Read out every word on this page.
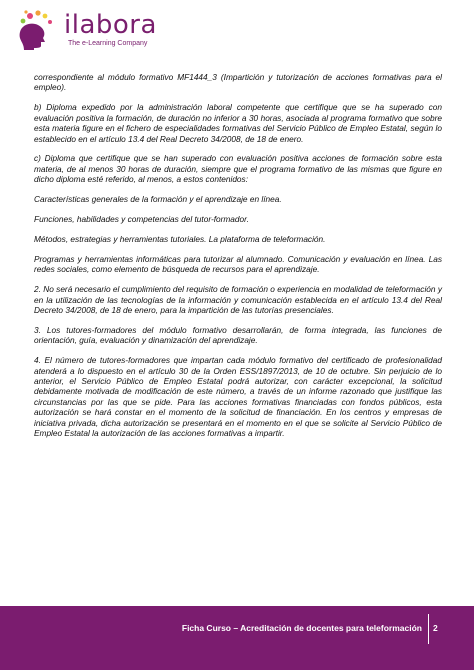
ilabora
The e-Learning Company

correspondiente al módulo formativo MF1444_3 (Impartición y tutorización de acciones formativas para el empleo).

b) Diploma expedido por la administración laboral competente que certifique que se ha superado con evaluación positiva la formación, de duración no inferior a 30 horas, asociada al programa formativo que sobre esta materia figure en el fichero de especialidades formativas del Servicio Público de Empleo Estatal, según lo establecido en el artículo 13.4 del Real Decreto 34/2008, de 18 de enero.

c) Diploma que certifique que se han superado con evaluación positiva acciones de formación sobre esta materia, de al menos 30 horas de duración, siempre que el programa formativo de las mismas que figure en dicho diploma esté referido, al menos, a estos contenidos:

Características generales de la formación y el aprendizaje en línea.

Funciones, habilidades y competencias del tutor-formador.

Métodos, estrategias y herramientas tutoriales. La plataforma de teleformación.

Programas y herramientas informáticas para tutorizar al alumnado. Comunicación y evaluación en línea. Las redes sociales, como elemento de búsqueda de recursos para el aprendizaje.

2. No será necesario el cumplimiento del requisito de formación o experiencia en modalidad de teleformación y en la utilización de las tecnologías de la información y comunicación establecida en el artículo 13.4 del Real Decreto 34/2008, de 18 de enero, para la impartición de las tutorías presenciales.

3. Los tutores-formadores del módulo formativo desarrollarán, de forma integrada, las funciones de orientación, guía, evaluación y dinamización del aprendizaje.

4. El número de tutores-formadores que impartan cada módulo formativo del certificado de profesionalidad atenderá a lo dispuesto en el artículo 30 de la Orden ESS/1897/2013, de 10 de octubre. Sin perjuicio de lo anterior, el Servicio Público de Empleo Estatal podrá autorizar, con carácter excepcional, la solicitud debidamente motivada de modificación de este número, a través de un informe razonado que justifique las circunstancias por las que se pide. Para las acciones formativas financiadas con fondos públicos, esta autorización se hará constar en el momento de la solicitud de financiación. En los centros y empresas de iniciativa privada, dicha autorización se presentará en el momento en el que se solicite al Servicio Público de Empleo Estatal la autorización de las acciones formativas a impartir.

Ficha Curso – Acreditación de docentes para teleformación 2
